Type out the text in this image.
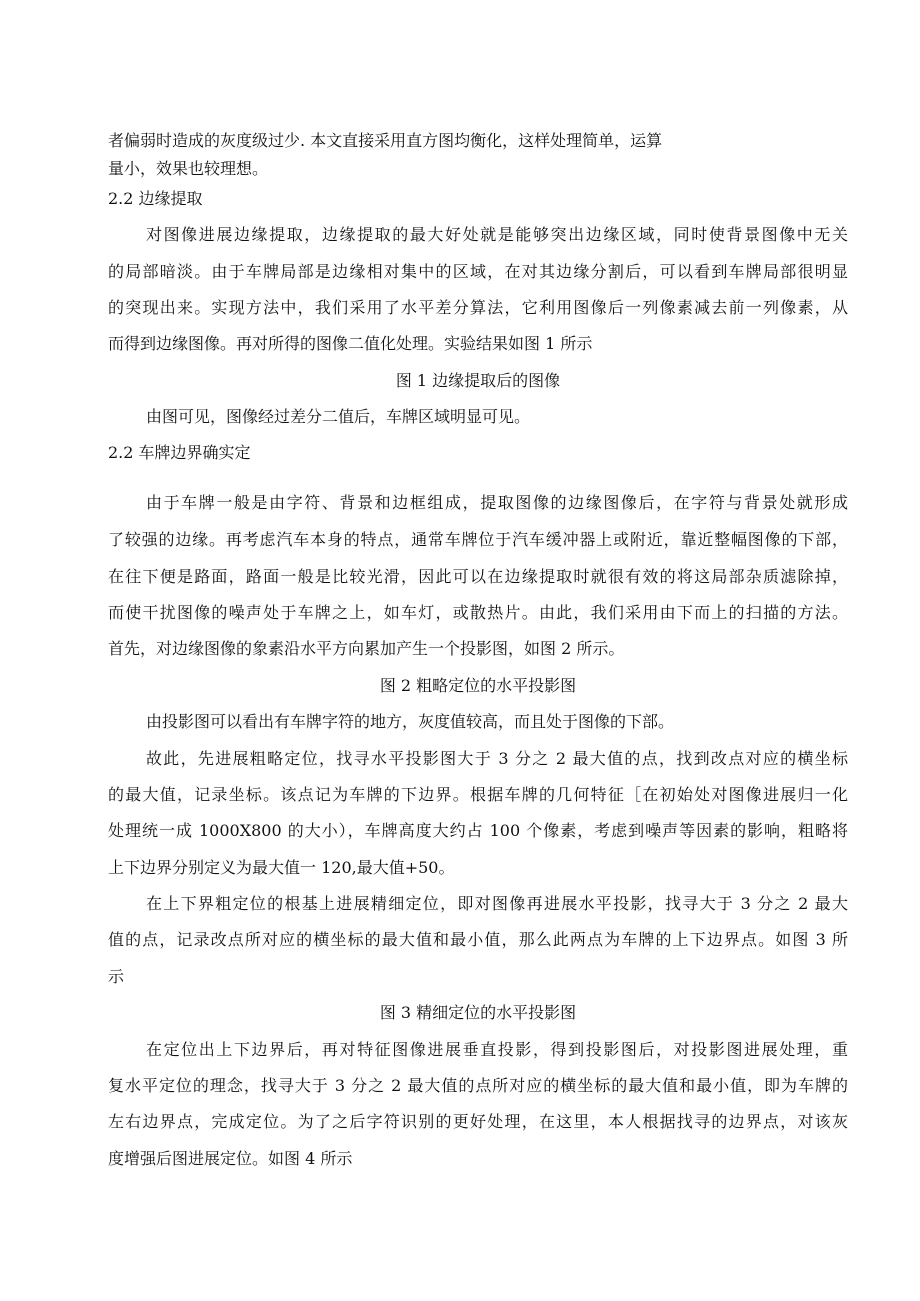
者偏弱时造成的灰度级过少. 本文直接采用直方图均衡化，这样处理简单，运算
量小，效果也较理想。
2.2 边缘提取
对图像进展边缘提取，边缘提取的最大好处就是能够突出边缘区域，同时使背景图像中无关
的局部暗淡。由于车牌局部是边缘相对集中的区域，在对其边缘分割后，可以看到车牌局部很明显
的突现出来。实现方法中，我们采用了水平差分算法，它利用图像后一列像素减去前一列像素，从
而得到边缘图像。再对所得的图像二值化处理。实验结果如图 1 所示
图 1 边缘提取后的图像
由图可见，图像经过差分二值后，车牌区域明显可见。
2.2 车牌边界确实定
由于车牌一般是由字符、背景和边框组成，提取图像的边缘图像后，在字符与背景处就形成
了较强的边缘。再考虑汽车本身的特点，通常车牌位于汽车缓冲器上或附近，靠近整幅图像的下部，
在往下便是路面，路面一般是比较光滑，因此可以在边缘提取时就很有效的将这局部杂质滤除掉，
而使干扰图像的噪声处于车牌之上，如车灯，或散热片。由此，我们采用由下而上的扫描的方法。
首先，对边缘图像的象素沿水平方向累加产生一个投影图，如图 2 所示。
图 2 粗略定位的水平投影图
由投影图可以看出有车牌字符的地方，灰度值较高，而且处于图像的下部。
故此，先进展粗略定位，找寻水平投影图大于 3 分之 2 最大值的点，找到改点对应的横坐标
的最大值，记录坐标。该点记为车牌的下边界。根据车牌的几何特征［在初始处对图像进展归一化
处理统一成 1000X800 的大小），车牌高度大约占 100 个像素，考虑到噪声等因素的影响，粗略将
上下边界分别定义为最大值一 120,最大值+50。
在上下界粗定位的根基上进展精细定位，即对图像再进展水平投影，找寻大于 3 分之 2 最大
值的点，记录改点所对应的横坐标的最大值和最小值，那么此两点为车牌的上下边界点。如图 3 所
示
图 3 精细定位的水平投影图
在定位出上下边界后，再对特征图像进展垂直投影，得到投影图后，对投影图进展处理，重
复水平定位的理念，找寻大于 3 分之 2 最大值的点所对应的横坐标的最大值和最小值，即为车牌的
左右边界点，完成定位。为了之后字符识别的更好处理，在这里，本人根据找寻的边界点，对该灰
度增强后图进展定位。如图 4 所示
